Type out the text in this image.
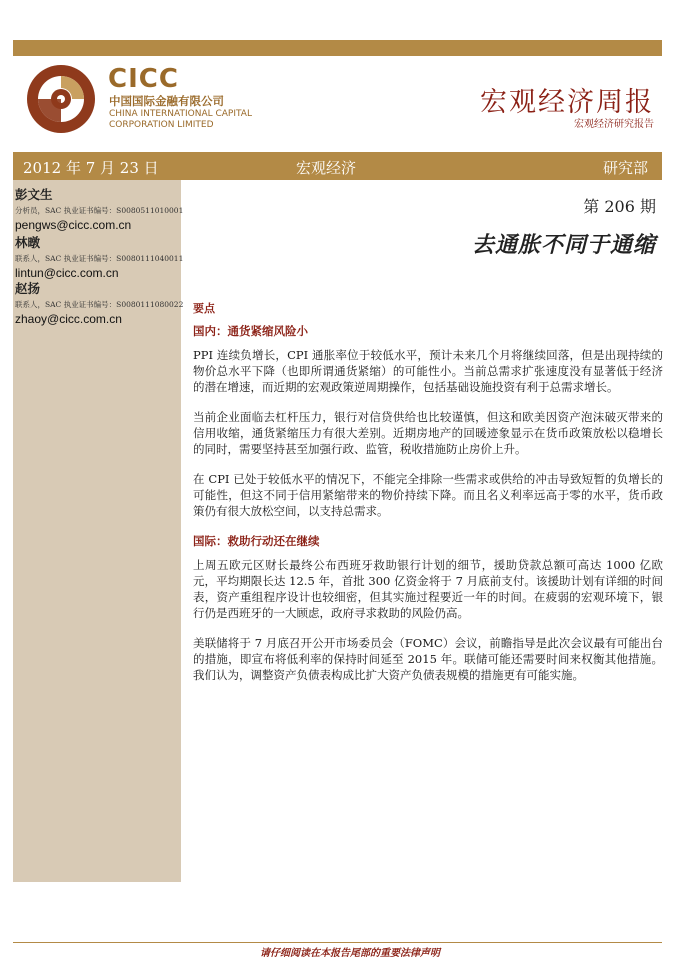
CICC
中国国际金融有限公司
CHINA INTERNATIONAL CAPITAL
CORPORATION LIMITED
宏观经济周报
宏观经济研究报告
2012 年 7 月 23 日	宏观经济	研究部
彭文生
分析员，SAC 执业证书编号：S0080511010001
pengws@cicc.com.cn
林暾
联系人，SAC 执业证书编号：S0080111040011
lintun@cicc.com.cn
赵扬
联系人，SAC 执业证书编号：S0080111080022
zhaoy@cicc.com.cn
第 206 期
去通胀不同于通缩
要点
国内：通货紧缩风险小

PPI 连续负增长，CPI 通胀率位于较低水平，预计未来几个月将继续回落，但是出现持续的物价总水平下降（也即所谓通货紧缩）的可能性小。当前总需求扩张速度没有显著低于经济的潜在增速，而近期的宏观政策逆周期操作，包括基础设施投资有利于总需求增长。

当前企业面临去杠杆压力，银行对信贷供给也比较谨慎，但这和欧美因资产泡沫破灭带来的信用收缩，通货紧缩压力有很大差别。近期房地产的回暖迹象显示在货币政策放松以稳增长的同时，需要坚持甚至加强行政、监管，税收措施防止房价上升。

在 CPI 已处于较低水平的情况下，不能完全排除一些需求或供给的冲击导致短暂的负增长的可能性，但这不同于信用紧缩带来的物价持续下降。而且名义利率远高于零的水平，货币政策仍有很大放松空间，以支持总需求。

国际：救助行动还在继续

上周五欧元区财长最终公布西班牙救助银行计划的细节，援助贷款总额可高达 1000 亿欧元，平均期限长达 12.5 年，首批 300 亿资金将于 7 月底前支付。该援助计划有详细的时间表，资产重组程序设计也较细密，但其实施过程要近一年的时间。在疲弱的宏观环境下，银行仍是西班牙的一大顾虑，政府寻求救助的风险仍高。

美联储将于 7 月底召开公开市场委员会（FOMC）会议，前瞻指导是此次会议最有可能出台的措施，即宣布将低利率的保持时间延至 2015 年。联储可能还需要时间来权衡其他措施。我们认为，调整资产负债表构成比扩大资产负债表规模的措施更有可能实施。

请仔细阅读在本报告尾部的重要法律声明
